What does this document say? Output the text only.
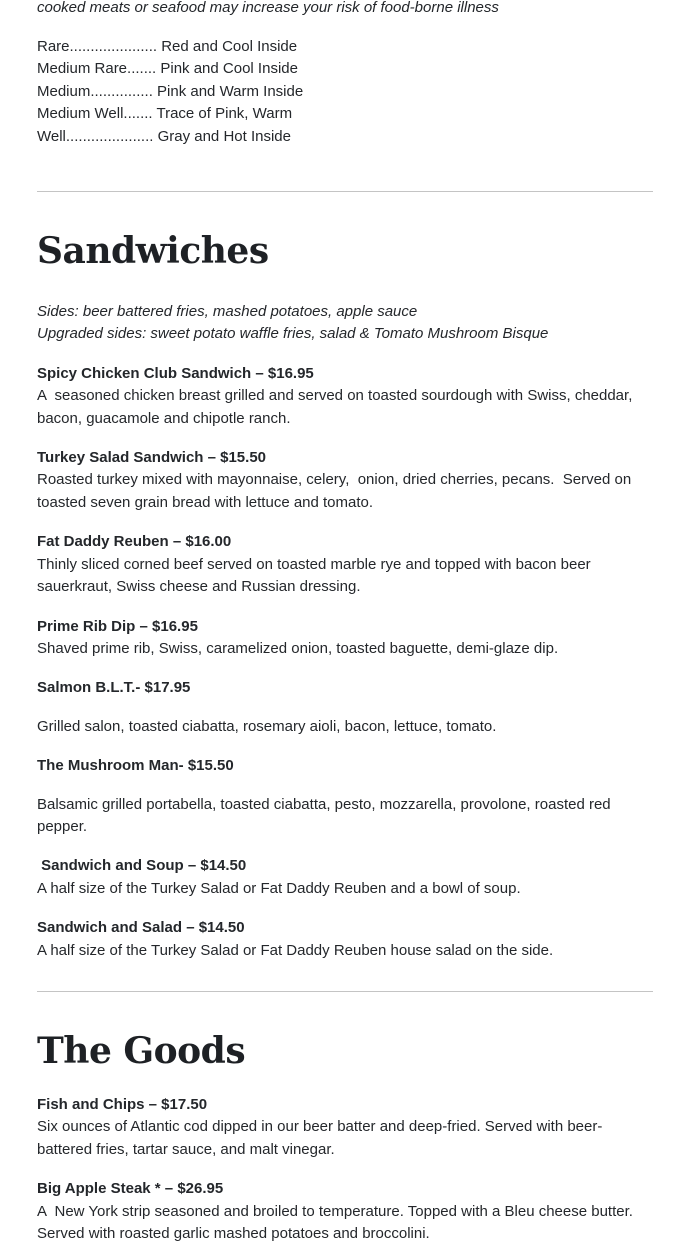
cooked meats or seafood may increase your risk of food-borne illness

Rare..................... Red and Cool Inside
Medium Rare....... Pink and Cool Inside
Medium............... Pink and Warm Inside
Medium Well....... Trace of Pink, Warm
Well..................... Gray and Hot Inside
Sandwiches

Sides: beer battered fries, mashed potatoes, apple sauce

Upgraded sides: sweet potato waffle fries, salad & Tomato Mushroom Bisque

Spicy Chicken Club Sandwich – $16.95

A  seasoned chicken breast grilled and served on toasted sourdough with Swiss, cheddar, bacon, guacamole and chipotle ranch.

Turkey Salad Sandwich – $15.50

Roasted turkey mixed with mayonnaise, celery,  onion, dried cherries, pecans.  Served on toasted seven grain bread with lettuce and tomato.

Fat Daddy Reuben – $16.00

Thinly sliced corned beef served on toasted marble rye and topped with bacon beer sauerkraut, Swiss cheese and Russian dressing.

Prime Rib Dip – $16.95

Shaved prime rib, Swiss, caramelized onion, toasted baguette, demi-glaze dip.

Salmon B.L.T.- $17.95

Grilled salon, toasted ciabatta, rosemary aioli, bacon, lettuce, tomato.

The Mushroom Man- $15.50

Balsamic grilled portabella, toasted ciabatta, pesto, mozzarella, provolone, roasted red pepper.

Sandwich and Soup – $14.50

A half size of the Turkey Salad or Fat Daddy Reuben and a bowl of soup.

Sandwich and Salad – $14.50

A half size of the Turkey Salad or Fat Daddy Reuben house salad on the side.

The Goods

Fish and Chips – $17.50

Six ounces of Atlantic cod dipped in our beer batter and deep-fried. Served with beer-battered fries, tartar sauce, and malt vinegar.

Big Apple Steak * – $26.95

A  New York strip seasoned and broiled to temperature. Topped with a Bleu cheese butter. Served with roasted garlic mashed potatoes and broccolini.
